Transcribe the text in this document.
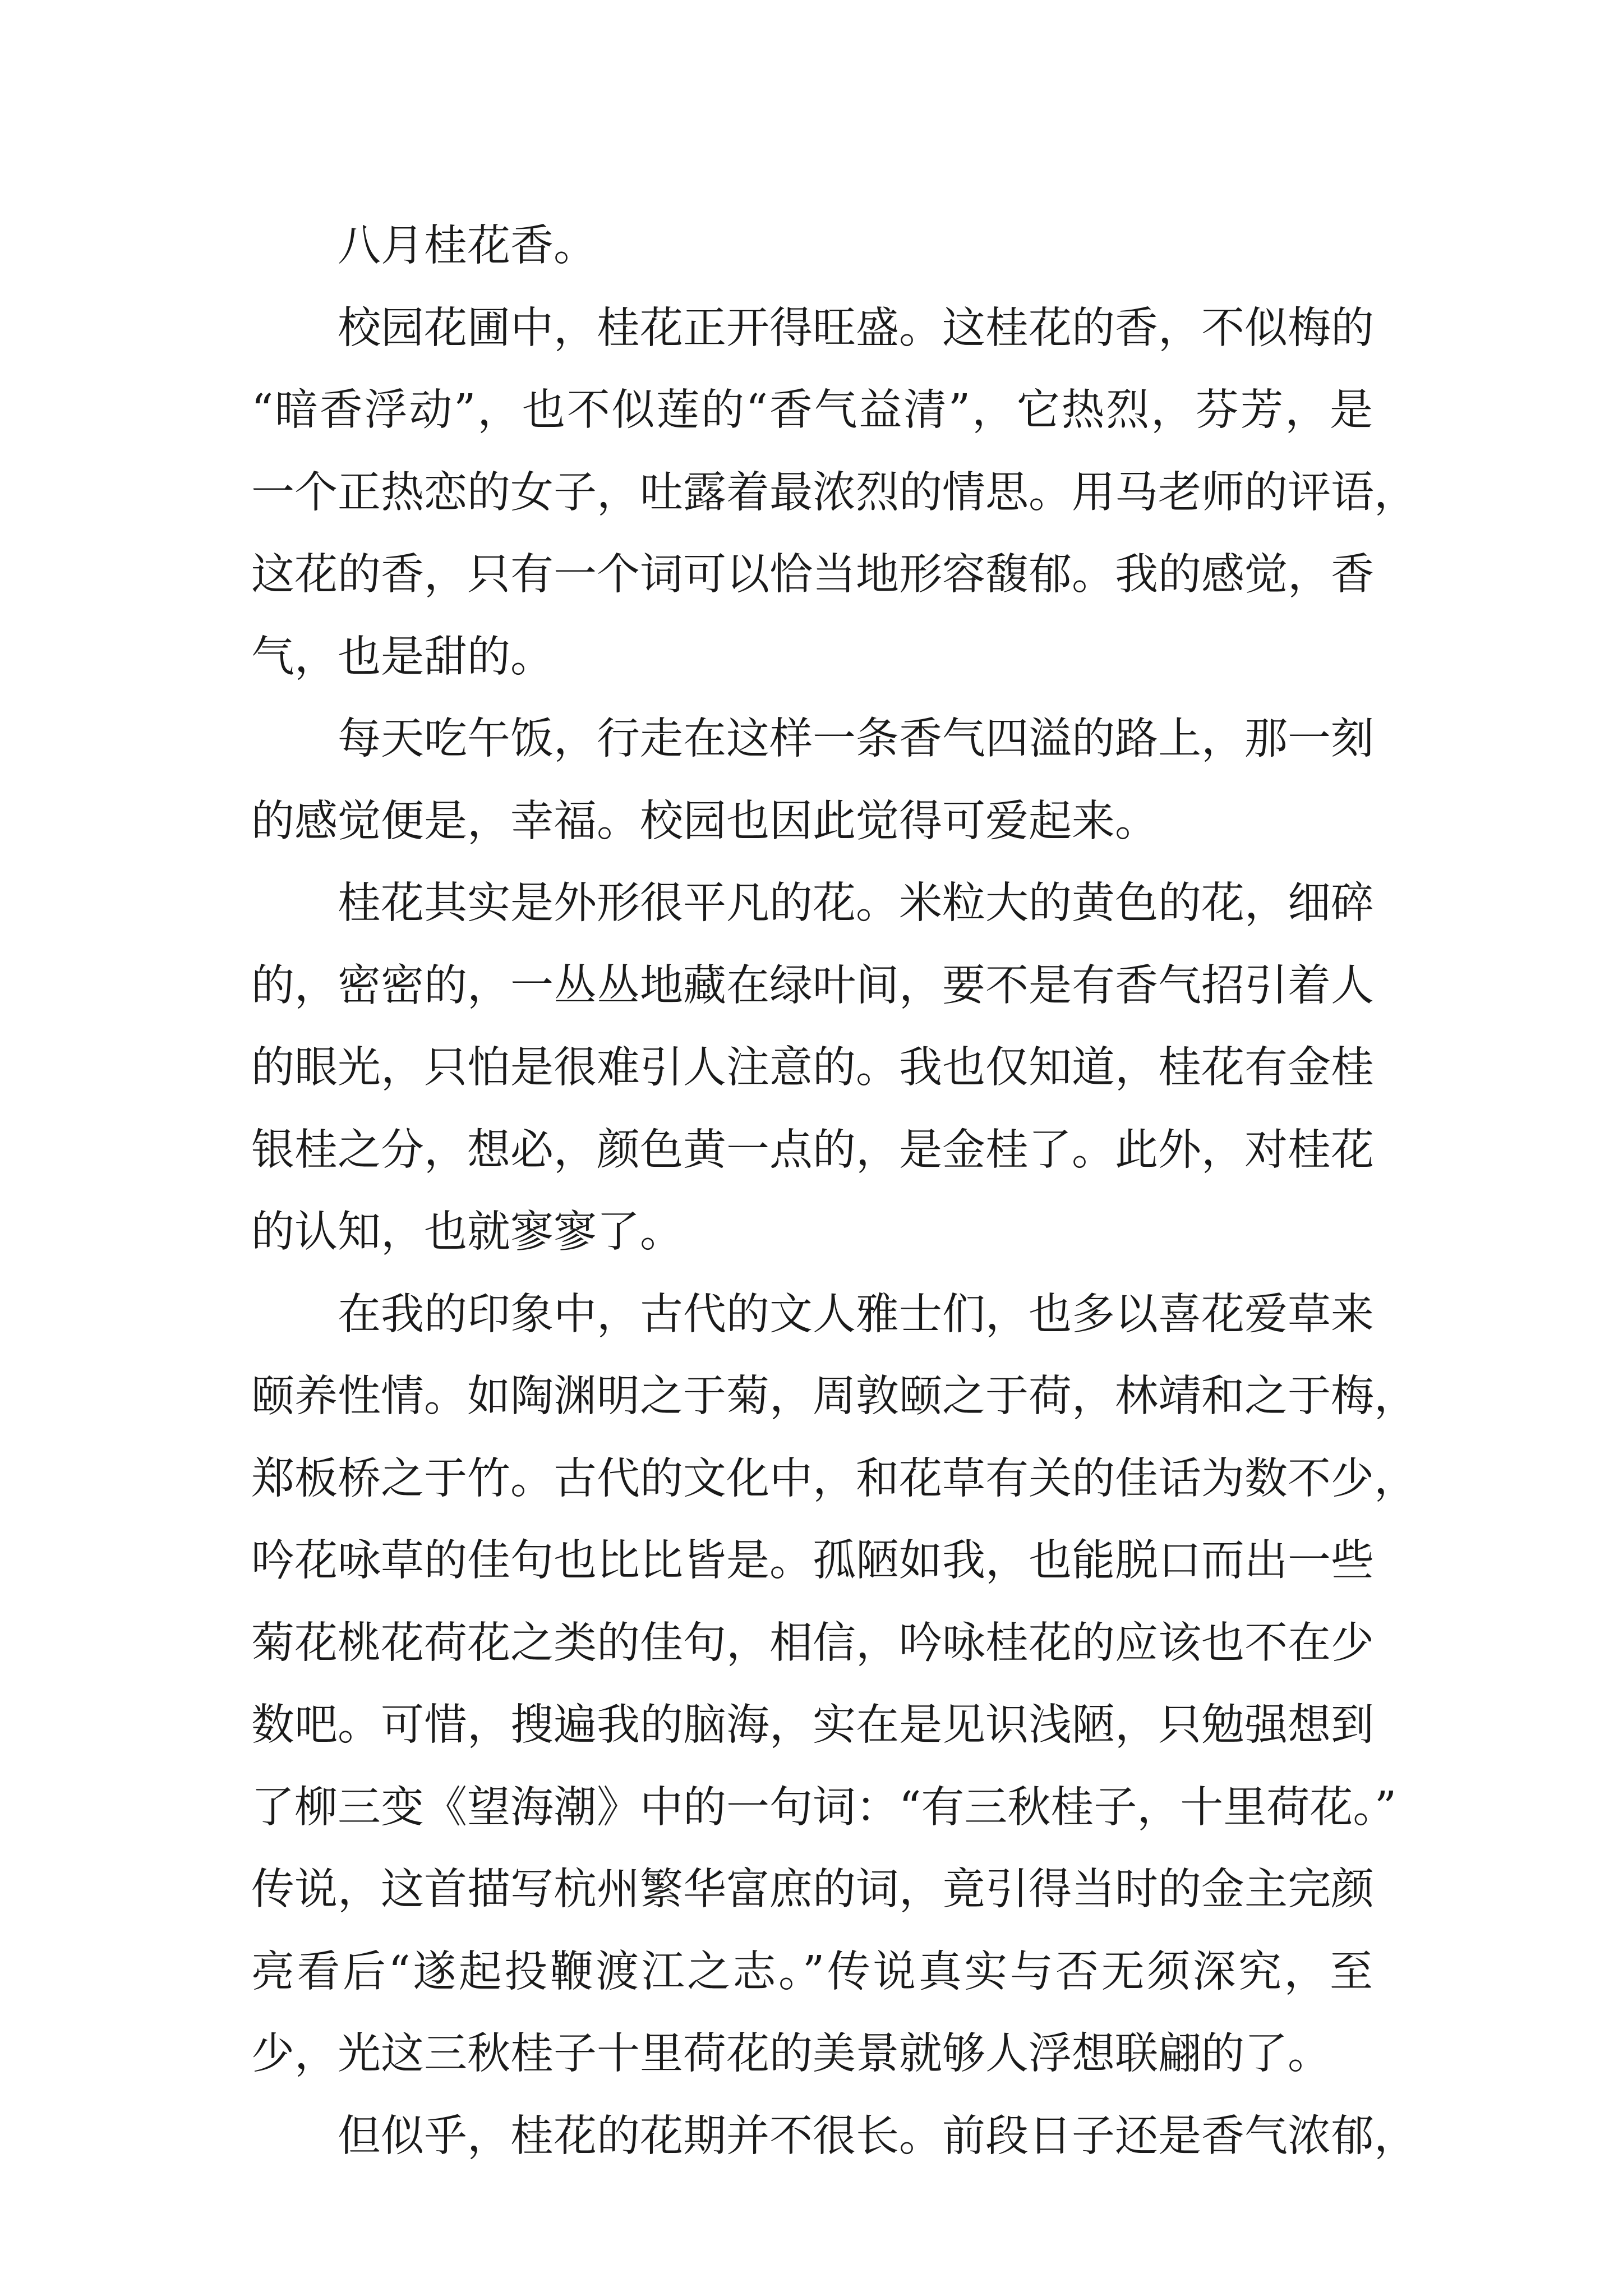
八月桂花香。

校园花圃中，桂花正开得旺盛。这桂花的香，不似梅的
“暗香浮动”，也不似莲的“香气益清”，它热烈，芬芳，是
一个正热恋的女子，吐露着最浓烈的情思。用马老师的评语，
这花的香，只有一个词可以恰当地形容馥郁。我的感觉，香
气，也是甜的。

每天吃午饭，行走在这样一条香气四溢的路上，那一刻
的感觉便是，幸福。校园也因此觉得可爱起来。

桂花其实是外形很平凡的花。米粒大的黄色的花，细碎
的，密密的，一丛丛地藏在绿叶间，要不是有香气招引着人
的眼光，只怕是很难引人注意的。我也仅知道，桂花有金桂
银桂之分，想必，颜色黄一点的，是金桂了。此外，对桂花
的认知，也就寥寥了。

在我的印象中，古代的文人雅士们，也多以喜花爱草来
颐养性情。如陶渊明之于菊，周敦颐之于荷，林靖和之于梅，
郑板桥之于竹。古代的文化中，和花草有关的佳话为数不少，
吟花咏草的佳句也比比皆是。孤陋如我，也能脱口而出一些
菊花桃花荷花之类的佳句，相信，吟咏桂花的应该也不在少
数吧。可惜，搜遍我的脑海，实在是见识浅陋，只勉强想到
了柳三变《望海潮》中的一句词：“有三秋桂子，十里荷花。”
传说，这首描写杭州繁华富庶的词，竟引得当时的金主完颜
亮看后“遂起投鞭渡江之志。”传说真实与否无须深究，至
少，光这三秋桂子十里荷花的美景就够人浮想联翩的了。

但似乎，桂花的花期并不很长。前段日子还是香气浓郁，
